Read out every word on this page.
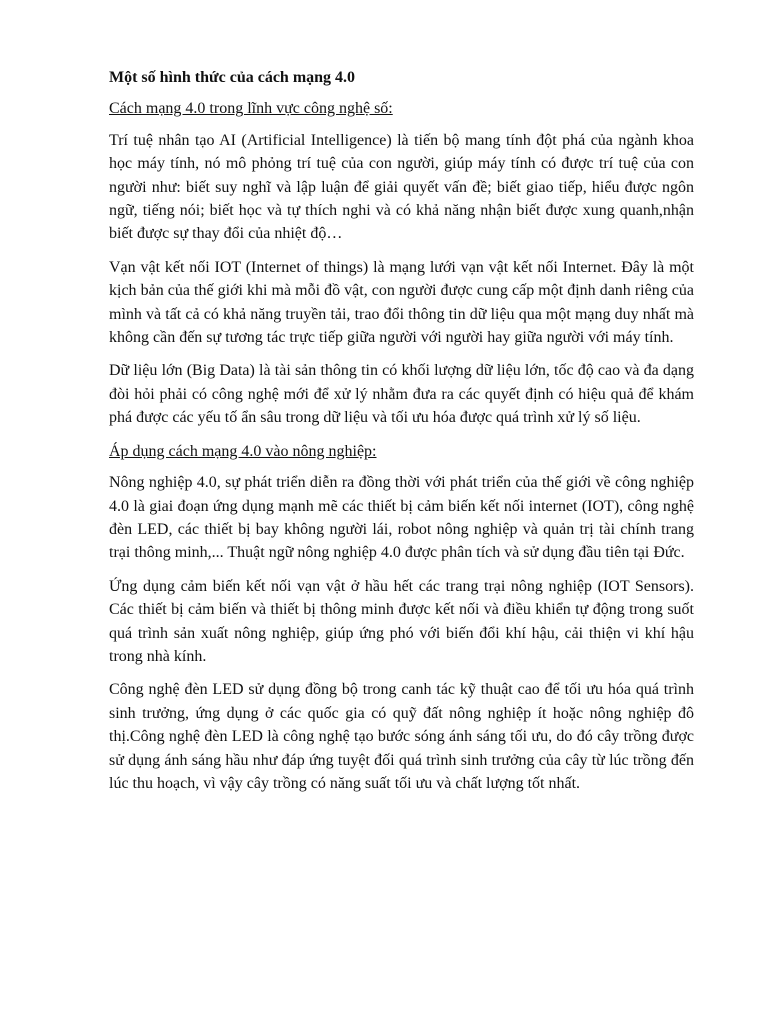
Một số hình thức của cách mạng 4.0

Cách mạng 4.0 trong lĩnh vực công nghệ số:

Trí tuệ nhân tạo AI (Artificial Intelligence) là tiến bộ mang tính đột phá của ngành khoa học máy tính, nó mô phỏng trí tuệ của con người, giúp máy tính có được trí tuệ của con người như: biết suy nghĩ và lập luận để giải quyết vấn đề; biết giao tiếp, hiểu được ngôn ngữ, tiếng nói; biết học và tự thích nghi và có khả năng nhận biết được xung quanh,nhận biết được sự thay đổi của nhiệt độ…

Vạn vật kết nối IOT (Internet of things) là mạng lưới vạn vật kết nối Internet. Đây là một kịch bản của thế giới khi mà mỗi đồ vật, con người được cung cấp một định danh riêng của mình và tất cả có khả năng truyền tải, trao đổi thông tin dữ liệu qua một mạng duy nhất mà không cần đến sự tương tác trực tiếp giữa người với người hay giữa người với máy tính.

Dữ liệu lớn (Big Data) là tài sản thông tin có khối lượng dữ liệu lớn, tốc độ cao và đa dạng đòi hỏi phải có công nghệ mới để xử lý nhằm đưa ra các quyết định có hiệu quả để khám phá được các yếu tố ẩn sâu trong dữ liệu và tối ưu hóa được quá trình xử lý số liệu.

Áp dụng cách mạng 4.0 vào nông nghiệp:

Nông nghiệp 4.0, sự phát triển diễn ra đồng thời với phát triển của thế giới về công nghiệp 4.0 là giai đoạn ứng dụng mạnh mẽ các thiết bị cảm biến kết nối internet (IOT), công nghệ đèn LED, các thiết bị bay không người lái, robot nông nghiệp và quản trị tài chính trang trại thông minh,... Thuật ngữ nông nghiệp 4.0 được phân tích và sử dụng đầu tiên tại Đức.

Ứng dụng cảm biến kết nối vạn vật ở hầu hết các trang trại nông nghiệp (IOT Sensors). Các thiết bị cảm biến và thiết bị thông minh được kết nối và điều khiển tự động trong suốt quá trình sản xuất nông nghiệp, giúp ứng phó với biến đổi khí hậu, cải thiện vi khí hậu trong nhà kính.

Công nghệ đèn LED sử dụng đồng bộ trong canh tác kỹ thuật cao để tối ưu hóa quá trình sinh trưởng, ứng dụng ở các quốc gia có quỹ đất nông nghiệp ít hoặc nông nghiệp đô thị.Công nghệ đèn LED là công nghệ tạo bước sóng ánh sáng tối ưu, do đó cây trồng được sử dụng ánh sáng hầu như đáp ứng tuyệt đối quá trình sinh trưởng của cây từ lúc trồng đến lúc thu hoạch, vì vậy cây trồng có năng suất tối ưu và chất lượng tốt nhất.
